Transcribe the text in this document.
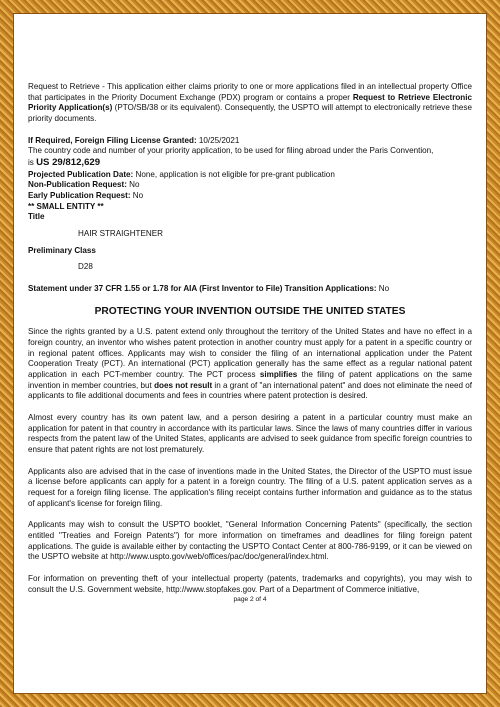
Request to Retrieve - This application either claims priority to one or more applications filed in an intellectual property Office that participates in the Priority Document Exchange (PDX) program or contains a proper Request to Retrieve Electronic Priority Application(s) (PTO/SB/38 or its equivalent). Consequently, the USPTO will attempt to electronically retrieve these priority documents.

If Required, Foreign Filing License Granted: 10/25/2021

The country code and number of your priority application, to be used for filing abroad under the Paris Convention,

is US 29/812,629

Projected Publication Date: None, application is not eligible for pre-grant publication

Non-Publication Request: No

Early Publication Request: No

** SMALL ENTITY **

Title

HAIR STRAIGHTENER

Preliminary Class

D28

Statement under 37 CFR 1.55 or 1.78 for AIA (First Inventor to File) Transition Applications: No

PROTECTING YOUR INVENTION OUTSIDE THE UNITED STATES

Since the rights granted by a U.S. patent extend only throughout the territory of the United States and have no effect in a foreign country, an inventor who wishes patent protection in another country must apply for a patent in a specific country or in regional patent offices. Applicants may wish to consider the filing of an international application under the Patent Cooperation Treaty (PCT). An international (PCT) application generally has the same effect as a regular national patent application in each PCT-member country. The PCT process simplifies the filing of patent applications on the same invention in member countries, but does not result in a grant of "an international patent" and does not eliminate the need of applicants to file additional documents and fees in countries where patent protection is desired.

Almost every country has its own patent law, and a person desiring a patent in a particular country must make an application for patent in that country in accordance with its particular laws. Since the laws of many countries differ in various respects from the patent law of the United States, applicants are advised to seek guidance from specific foreign countries to ensure that patent rights are not lost prematurely.

Applicants also are advised that in the case of inventions made in the United States, the Director of the USPTO must issue a license before applicants can apply for a patent in a foreign country. The filing of a U.S. patent application serves as a request for a foreign filing license. The application's filing receipt contains further information and guidance as to the status of applicant's license for foreign filing.

Applicants may wish to consult the USPTO booklet, "General Information Concerning Patents" (specifically, the section entitled "Treaties and Foreign Patents") for more information on timeframes and deadlines for filing foreign patent applications. The guide is available either by contacting the USPTO Contact Center at 800-786-9199, or it can be viewed on the USPTO website at http://www.uspto.gov/web/offices/pac/doc/general/index.html.

For information on preventing theft of your intellectual property (patents, trademarks and copyrights), you may wish to consult the U.S. Government website, http://www.stopfakes.gov. Part of a Department of Commerce initiative,

page 2 of 4
